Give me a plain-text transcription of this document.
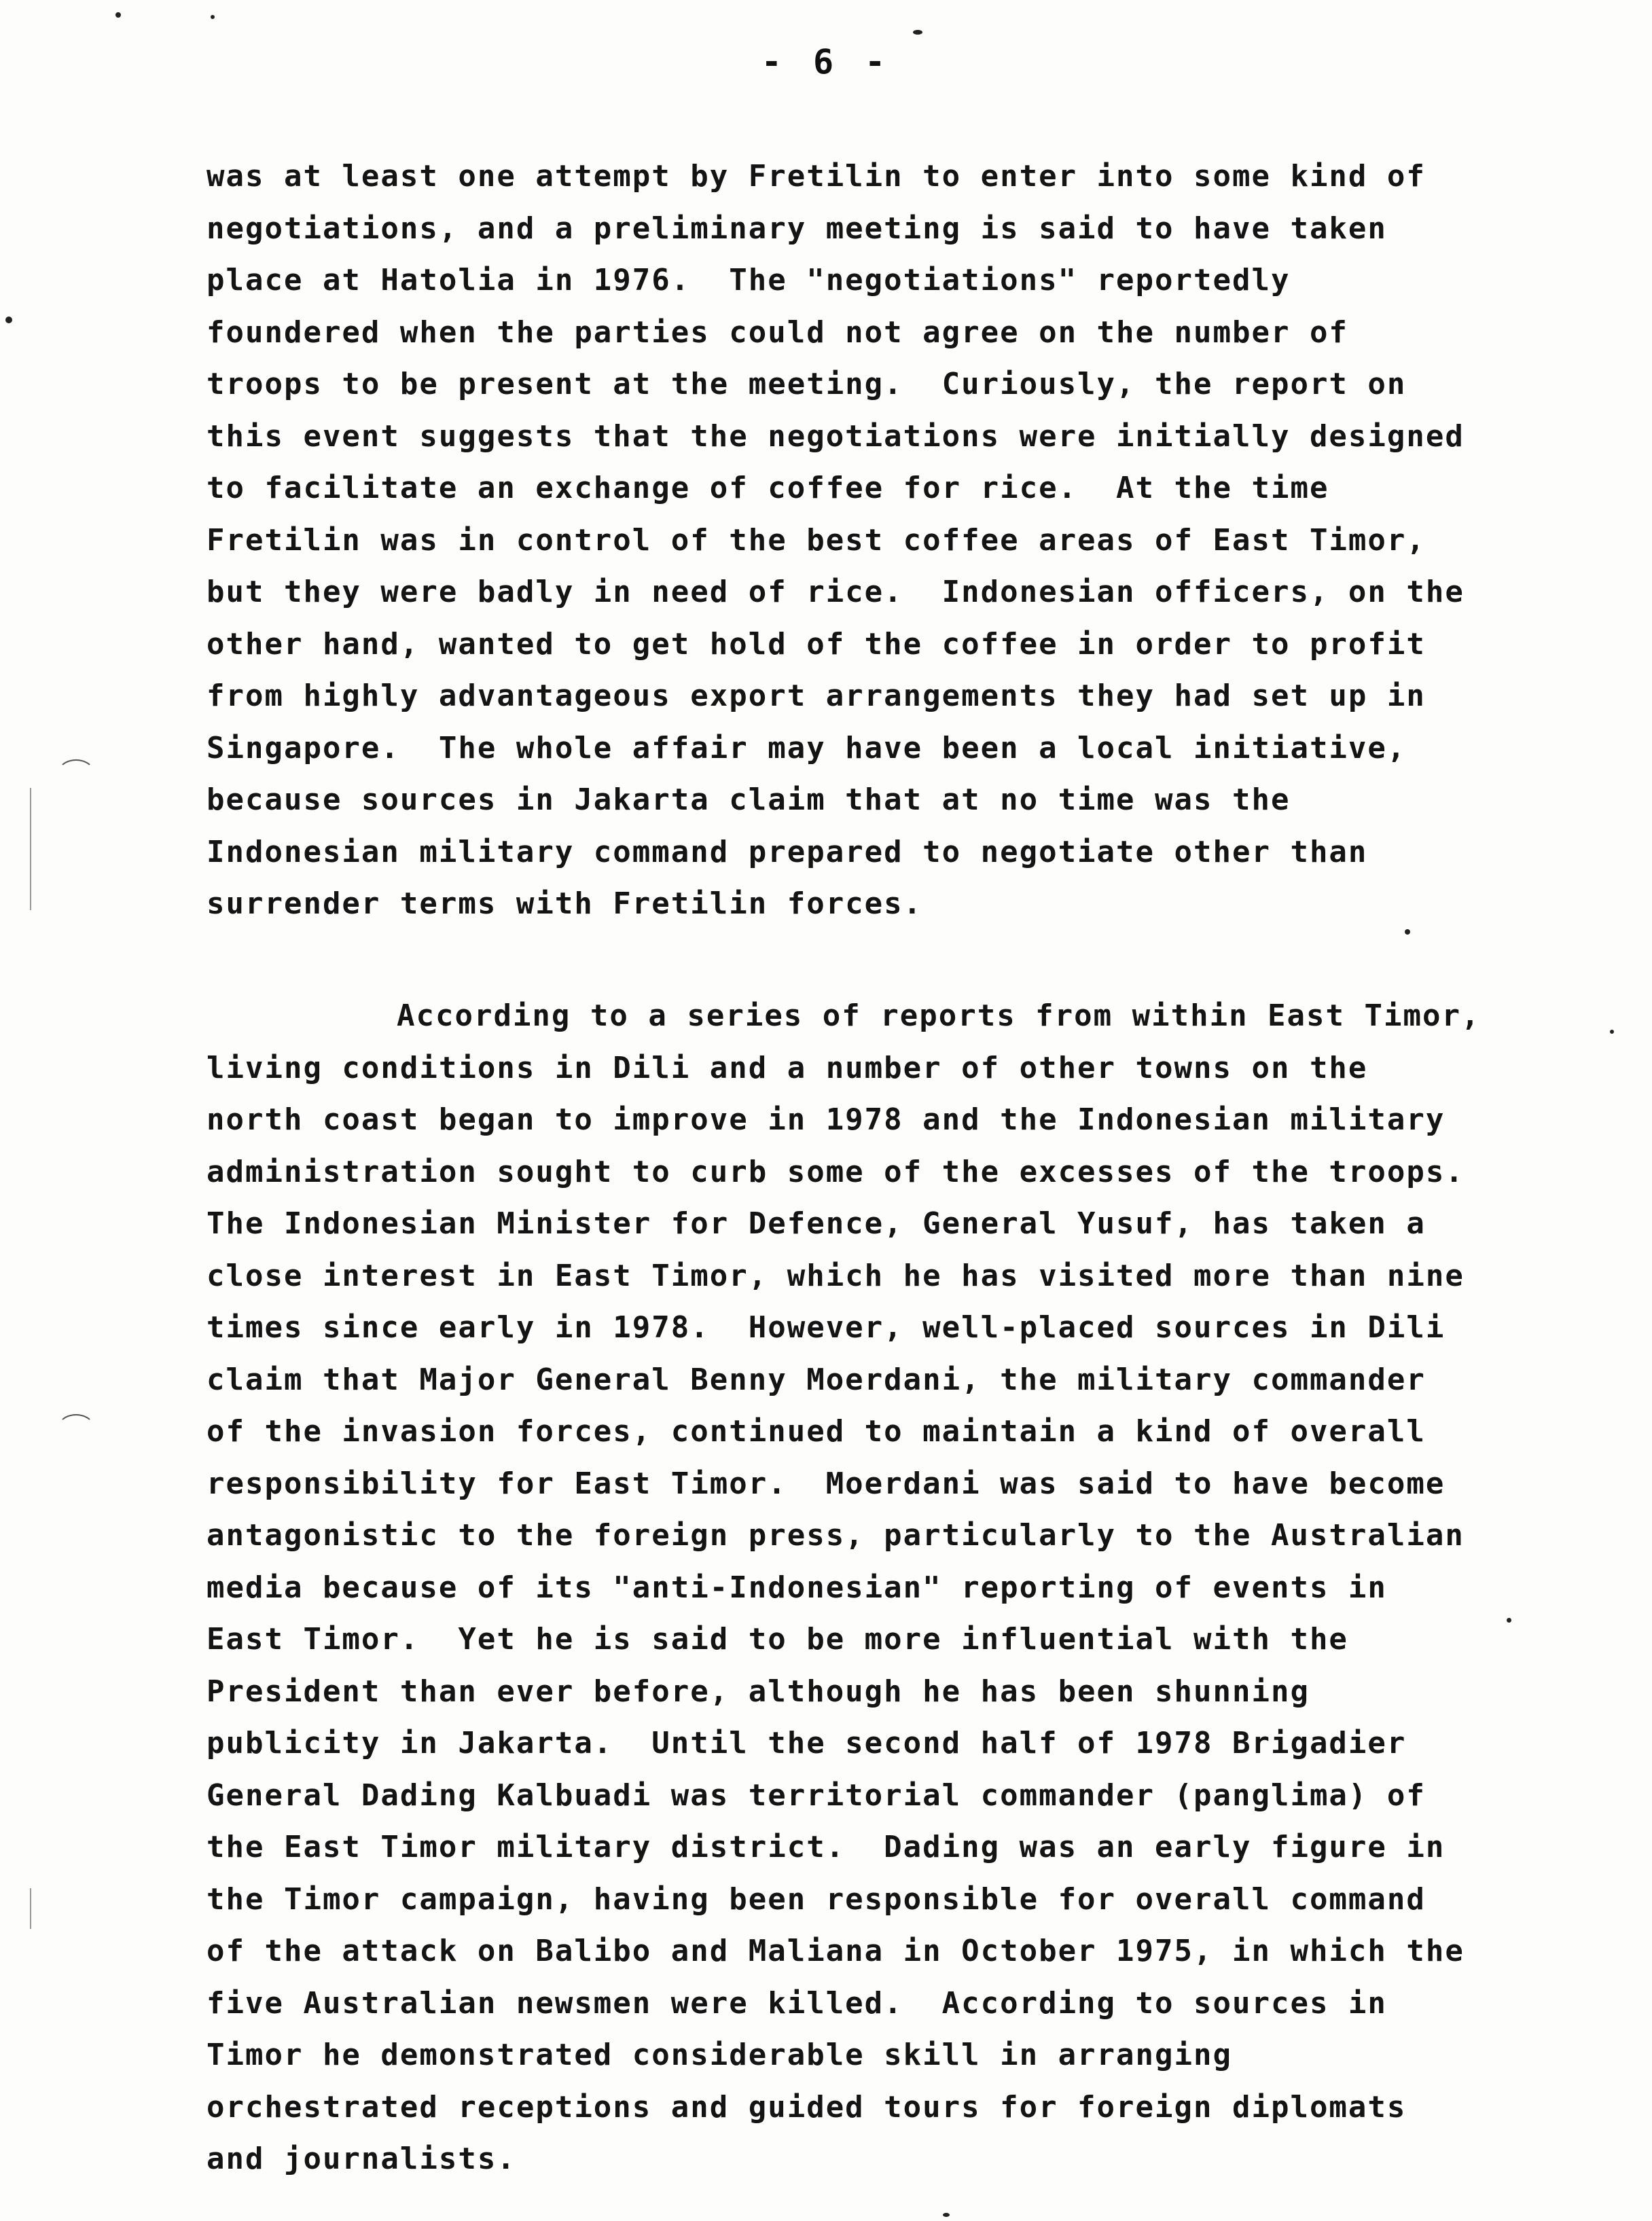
- 6 -
was at least one attempt by Fretilin to enter into some kind of
negotiations, and a preliminary meeting is said to have taken
place at Hatolia in 1976.  The "negotiations" reportedly
foundered when the parties could not agree on the number of
troops to be present at the meeting.  Curiously, the report on
this event suggests that the negotiations were initially designed
to facilitate an exchange of coffee for rice.  At the time
Fretilin was in control of the best coffee areas of East Timor,
but they were badly in need of rice.  Indonesian officers, on the
other hand, wanted to get hold of the coffee in order to profit
from highly advantageous export arrangements they had set up in
Singapore.  The whole affair may have been a local initiative,
because sources in Jakarta claim that at no time was the
Indonesian military command prepared to negotiate other than
surrender terms with Fretilin forces.
According to a series of reports from within East Timor,
living conditions in Dili and a number of other towns on the
north coast began to improve in 1978 and the Indonesian military
administration sought to curb some of the excesses of the troops.
The Indonesian Minister for Defence, General Yusuf, has taken a
close interest in East Timor, which he has visited more than nine
times since early in 1978.  However, well-placed sources in Dili
claim that Major General Benny Moerdani, the military commander
of the invasion forces, continued to maintain a kind of overall
responsibility for East Timor.  Moerdani was said to have become
antagonistic to the foreign press, particularly to the Australian
media because of its "anti-Indonesian" reporting of events in
East Timor.  Yet he is said to be more influential with the
President than ever before, although he has been shunning
publicity in Jakarta.  Until the second half of 1978 Brigadier
General Dading Kalbuadi was territorial commander (panglima) of
the East Timor military district.  Dading was an early figure in
the Timor campaign, having been responsible for overall command
of the attack on Balibo and Maliana in October 1975, in which the
five Australian newsmen were killed.  According to sources in
Timor he demonstrated considerable skill in arranging
orchestrated receptions and guided tours for foreign diplomats
and journalists.
